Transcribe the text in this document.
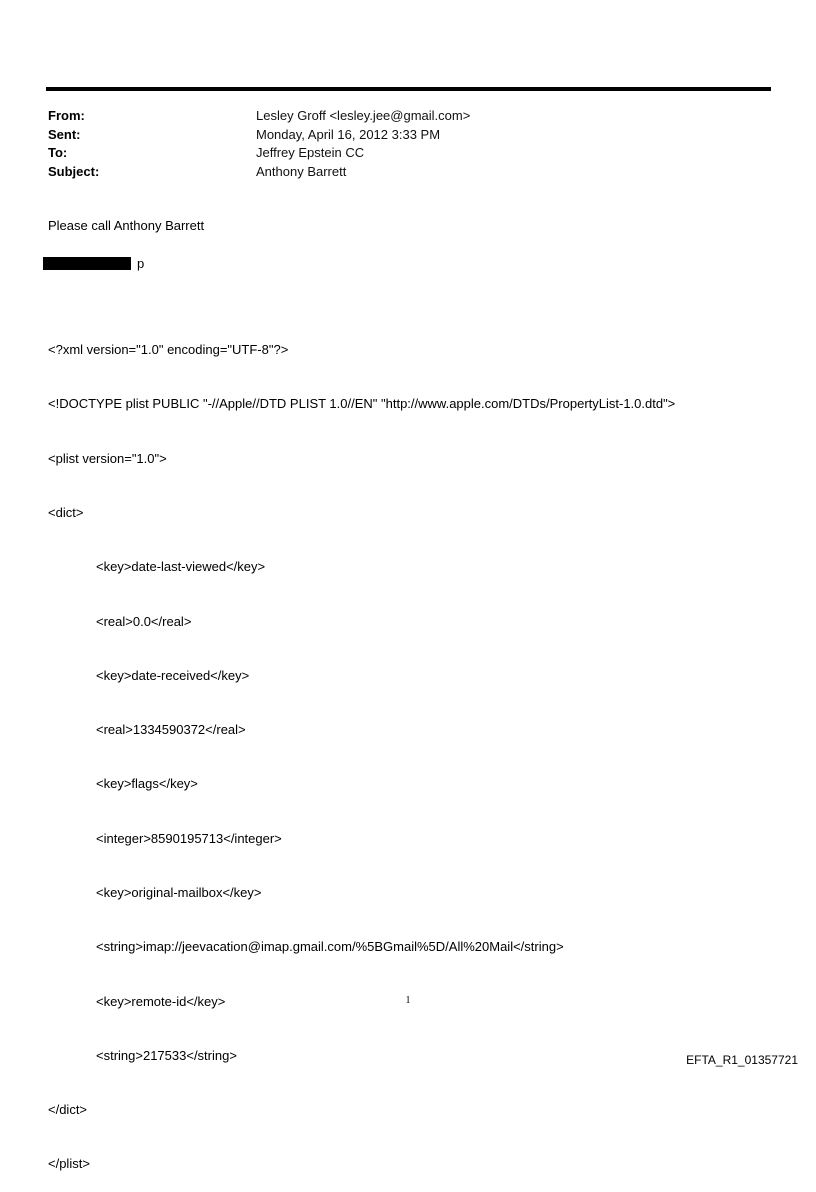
From:	Lesley Groff <lesley.jee@gmail.com>
Sent:	Monday, April 16, 2012 3:33 PM
To:	Jeffrey Epstein CC
Subject:	Anthony Barrett
Please call Anthony Barrett
p

<?xml version="1.0" encoding="UTF-8"?>

<!DOCTYPE plist PUBLIC "-//Apple//DTD PLIST 1.0//EN" "http://www.apple.com/DTDs/PropertyList-1.0.dtd">

<plist version="1.0">

<dict>

<key>date-last-viewed</key>

<real>0.0</real>

<key>date-received</key>

<real>1334590372</real>

<key>flags</key>

<integer>8590195713</integer>

<key>original-mailbox</key>

<string>imap://jeevacation@imap.gmail.com/%5BGmail%5D/All%20Mail</string>

<key>remote-id</key>

<string>217533</string>

</dict>

</plist>

1
EFTA_R1_01357721
